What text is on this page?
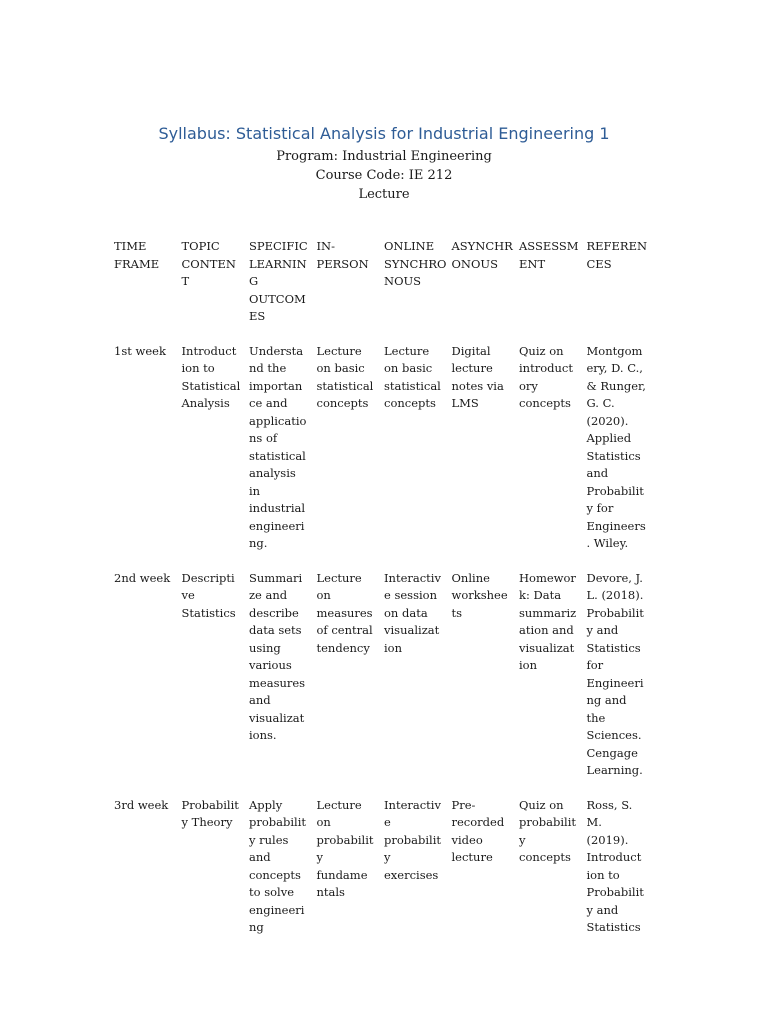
Syllabus: Statistical Analysis for Industrial Engineering 1
Program: Industrial Engineering
Course Code: IE 212
Lecture
TIME
FRAME
TOPIC
CONTEN
T
SPECIFIC
LEARNIN
G
OUTCOM
ES
IN-
PERSON
ONLINE
SYNCHRO
NOUS
ASYNCHR
ONOUS
ASSESSM
ENT
REFEREN
CES
1st week	Introduct
ion to
Statistical
Analysis
Understa
nd the
importan
ce and
applicatio
ns of
statistical
analysis
in
industrial
engineeri
ng.
Lecture
on basic
statistical
concepts
Lecture
on basic
statistical
concepts
Digital
lecture
notes via
LMS
Quiz on
introduct
ory
concepts
Montgom
ery, D. C.,
& Runger,
G. C.
(2020).
Applied
Statistics
and
Probabilit
y for
Engineers
. Wiley.
2nd week Descripti
ve
Statistics
Summari
ze and
describe
data sets
using
various
measures
and
visualizat
ions.
Lecture
on
measures
of central
tendency
Interactiv
e session
on data
visualizat
ion
Online
workshee
ts
Homewor
k: Data
summariz
ation and
visualizat
ion
Devore, J.
L. (2018).
Probabilit
y and
Statistics
for
Engineeri
ng and
the
Sciences.
Cengage
Learning.
3rd week	Probabilit
y Theory
Apply
probabilit
y rules
and
concepts
to solve
engineeri
ng
Lecture
on
probabilit
y
fundame
ntals
Interactiv
e
probabilit
y
exercises
Pre-
recorded
video
lecture
Quiz on
probabilit
y
concepts
Ross, S.
M.
(2019).
Introduct
ion to
Probabilit
y and
Statistics
